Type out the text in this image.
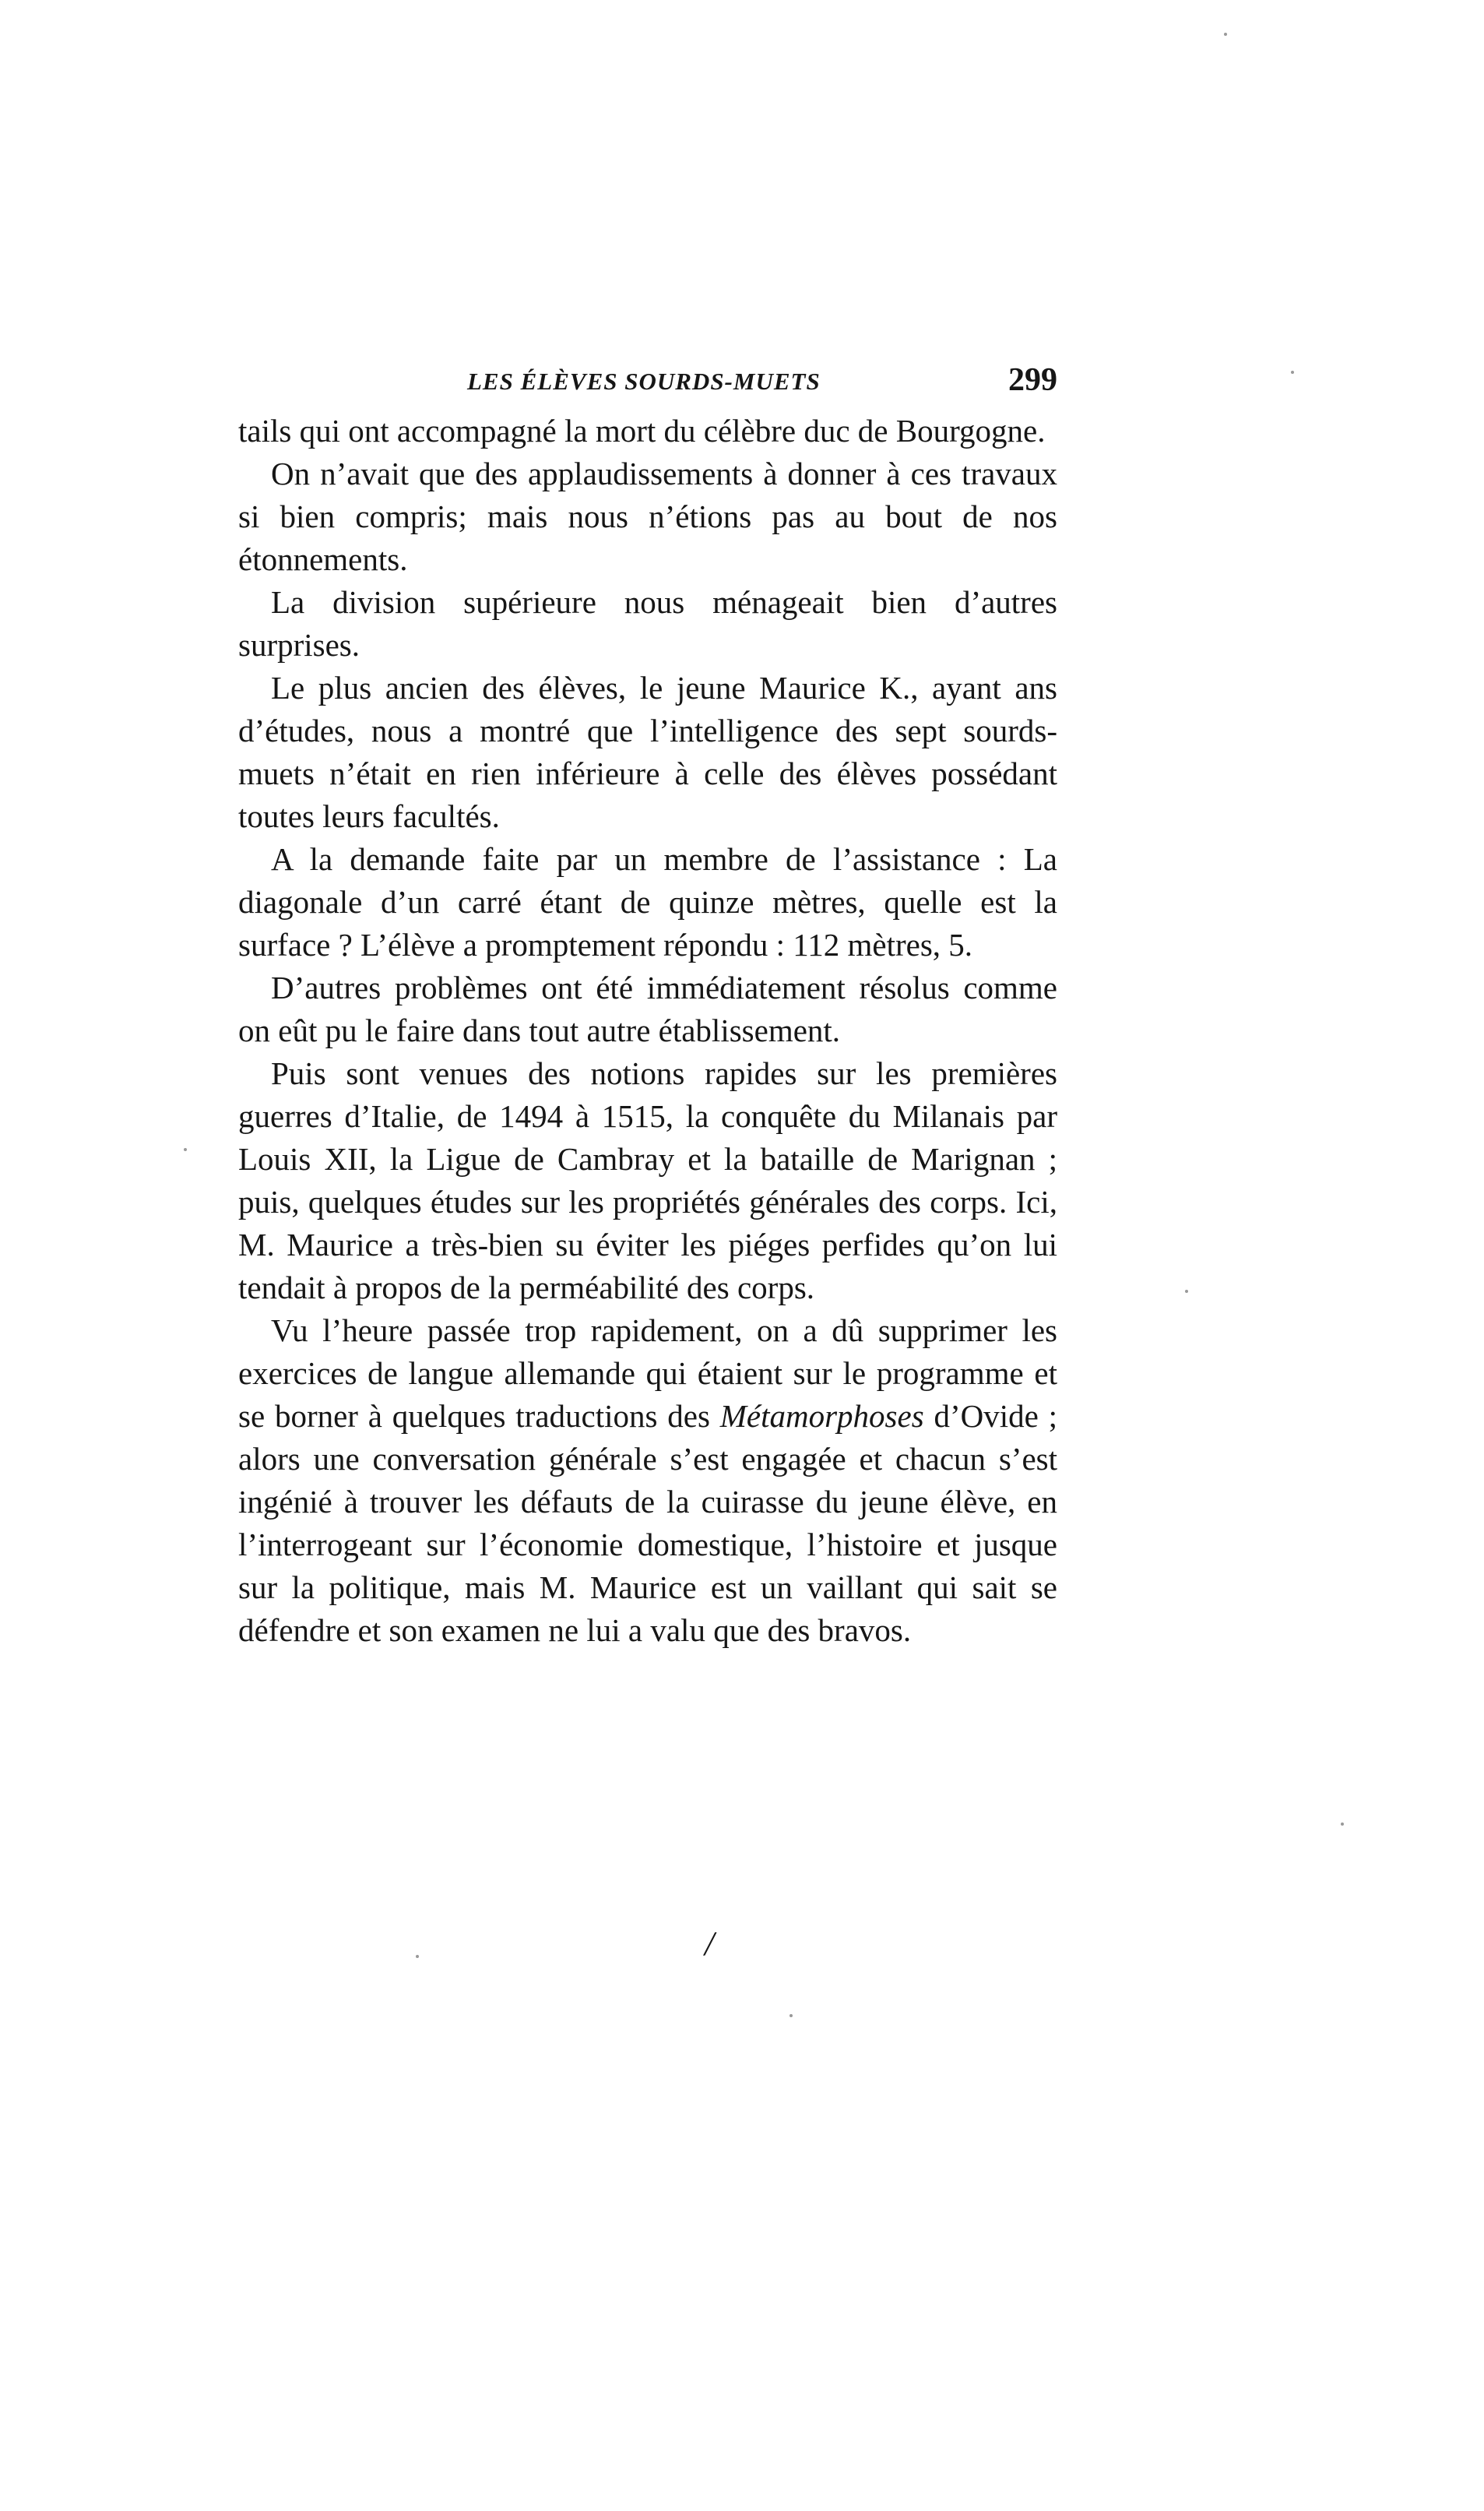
LES ÉLÈVES SOURDS-MUETS	299

tails qui ont accompagné la mort du célèbre duc de Bourgogne.

On n’avait que des applaudissements à donner à ces travaux si bien compris; mais nous n’étions pas au bout de nos étonnements.

La division supérieure nous ménageait bien d’autres surprises.

Le plus ancien des élèves, le jeune Maurice K., ayant ans d’études, nous a montré que l’intelligence des sept sourds-muets n’était en rien inférieure à celle des élèves possédant toutes leurs facultés.

A la demande faite par un membre de l’assistance : La diagonale d’un carré étant de quinze mètres, quelle est la surface ? L’élève a promptement répondu : 112 mètres, 5.

D’autres problèmes ont été immédiatement résolus comme on eût pu le faire dans tout autre établissement.

Puis sont venues des notions rapides sur les premières guerres d’Italie, de 1494 à 1515, la conquête du Milanais par Louis XII, la Ligue de Cambray et la bataille de Marignan ; puis, quelques études sur les propriétés générales des corps. Ici, M. Maurice a très-bien su éviter les piéges perfides qu’on lui tendait à propos de la perméabilité des corps.

Vu l’heure passée trop rapidement, on a dû supprimer les exercices de langue allemande qui étaient sur le programme et se borner à quelques traductions des Métamorphoses d’Ovide ; alors une conversation générale s’est engagée et chacun s’est ingénié à trouver les défauts de la cuirasse du jeune élève, en l’interrogeant sur l’économie domestique, l’histoire et jusque sur la politique, mais M. Maurice est un vaillant qui sait se défendre et son examen ne lui a valu que des bravos.

/
